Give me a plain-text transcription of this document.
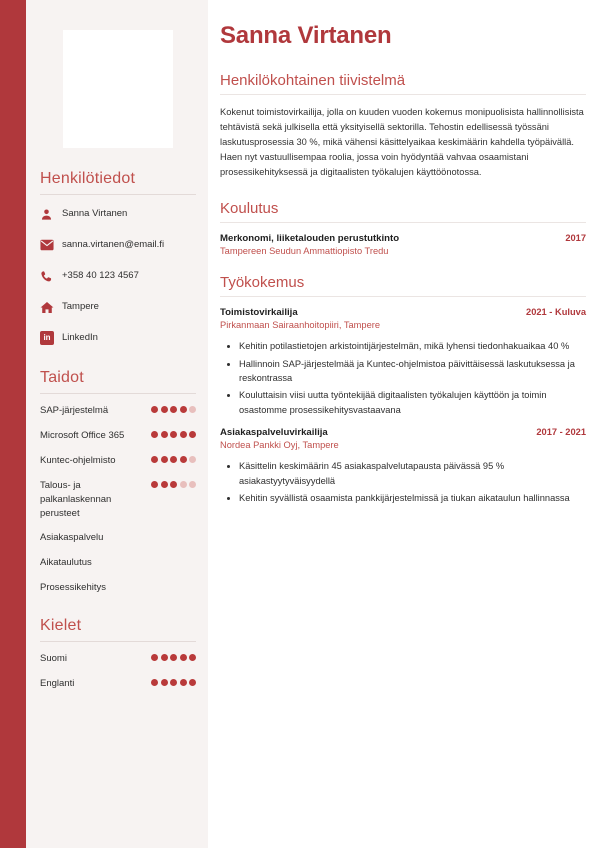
Henkilötiedot
Sanna Virtanen
sanna.virtanen@email.fi
+358 40 123 4567
Tampere
in	LinkedIn
Taidot
SAP-järjestelmä
Microsoft Office 365
Kuntec-ohjelmisto
Talous- ja palkanlaskennan perusteet
Asiakaspalvelu
Aikataulutus
Prosessikehitys
Kielet
Suomi
Englanti
Sanna Virtanen
Henkilökohtainen tiivistelmä

Kokenut toimistovirkailija, jolla on kuuden vuoden kokemus monipuolisista hallinnollisista tehtävistä sekä julkisella että yksityisellä sektorilla. Tehostin edellisessä työssäni laskutusprosessia 30 %, mikä vähensi käsittelyaikaa keskimäärin kahdella työpäivällä. Haen nyt vastuullisempaa roolia, jossa voin hyödyntää vahvaa osaamistani prosessikehityksessä ja digitaalisten työkalujen käyttöönotossa.

Koulutus
Merkonomi, liiketalouden perustutkinto	2017
Tampereen Seudun Ammattiopisto Tredu
Työkokemus
Toimistovirkailija	2021 - Kuluva
Pirkanmaan Sairaanhoitopiiri, Tampere
• Kehitin potilastietojen arkistointijärjestelmän, mikä lyhensi tiedonhakuaikaa 40 %
• Hallinnoin SAP-järjestelmää ja Kuntec-ohjelmistoa päivittäisessä laskutuksessa ja reskontrassa
• Kouluttaisin viisi uutta työntekijää digitaalisten työkalujen käyttöön ja toimin osastomme prosessikehitysvastaavana
Asiakaspalveluvirkailija	2017 - 2021
Nordea Pankki Oyj, Tampere
• Käsittelin keskimäärin 45 asiakaspalvelutapausta päivässä 95 % asiakastyytyväisyydellä
• Kehitin syvällistä osaamista pankkijärjestelmissä ja tiukan aikataulun hallinnassa
